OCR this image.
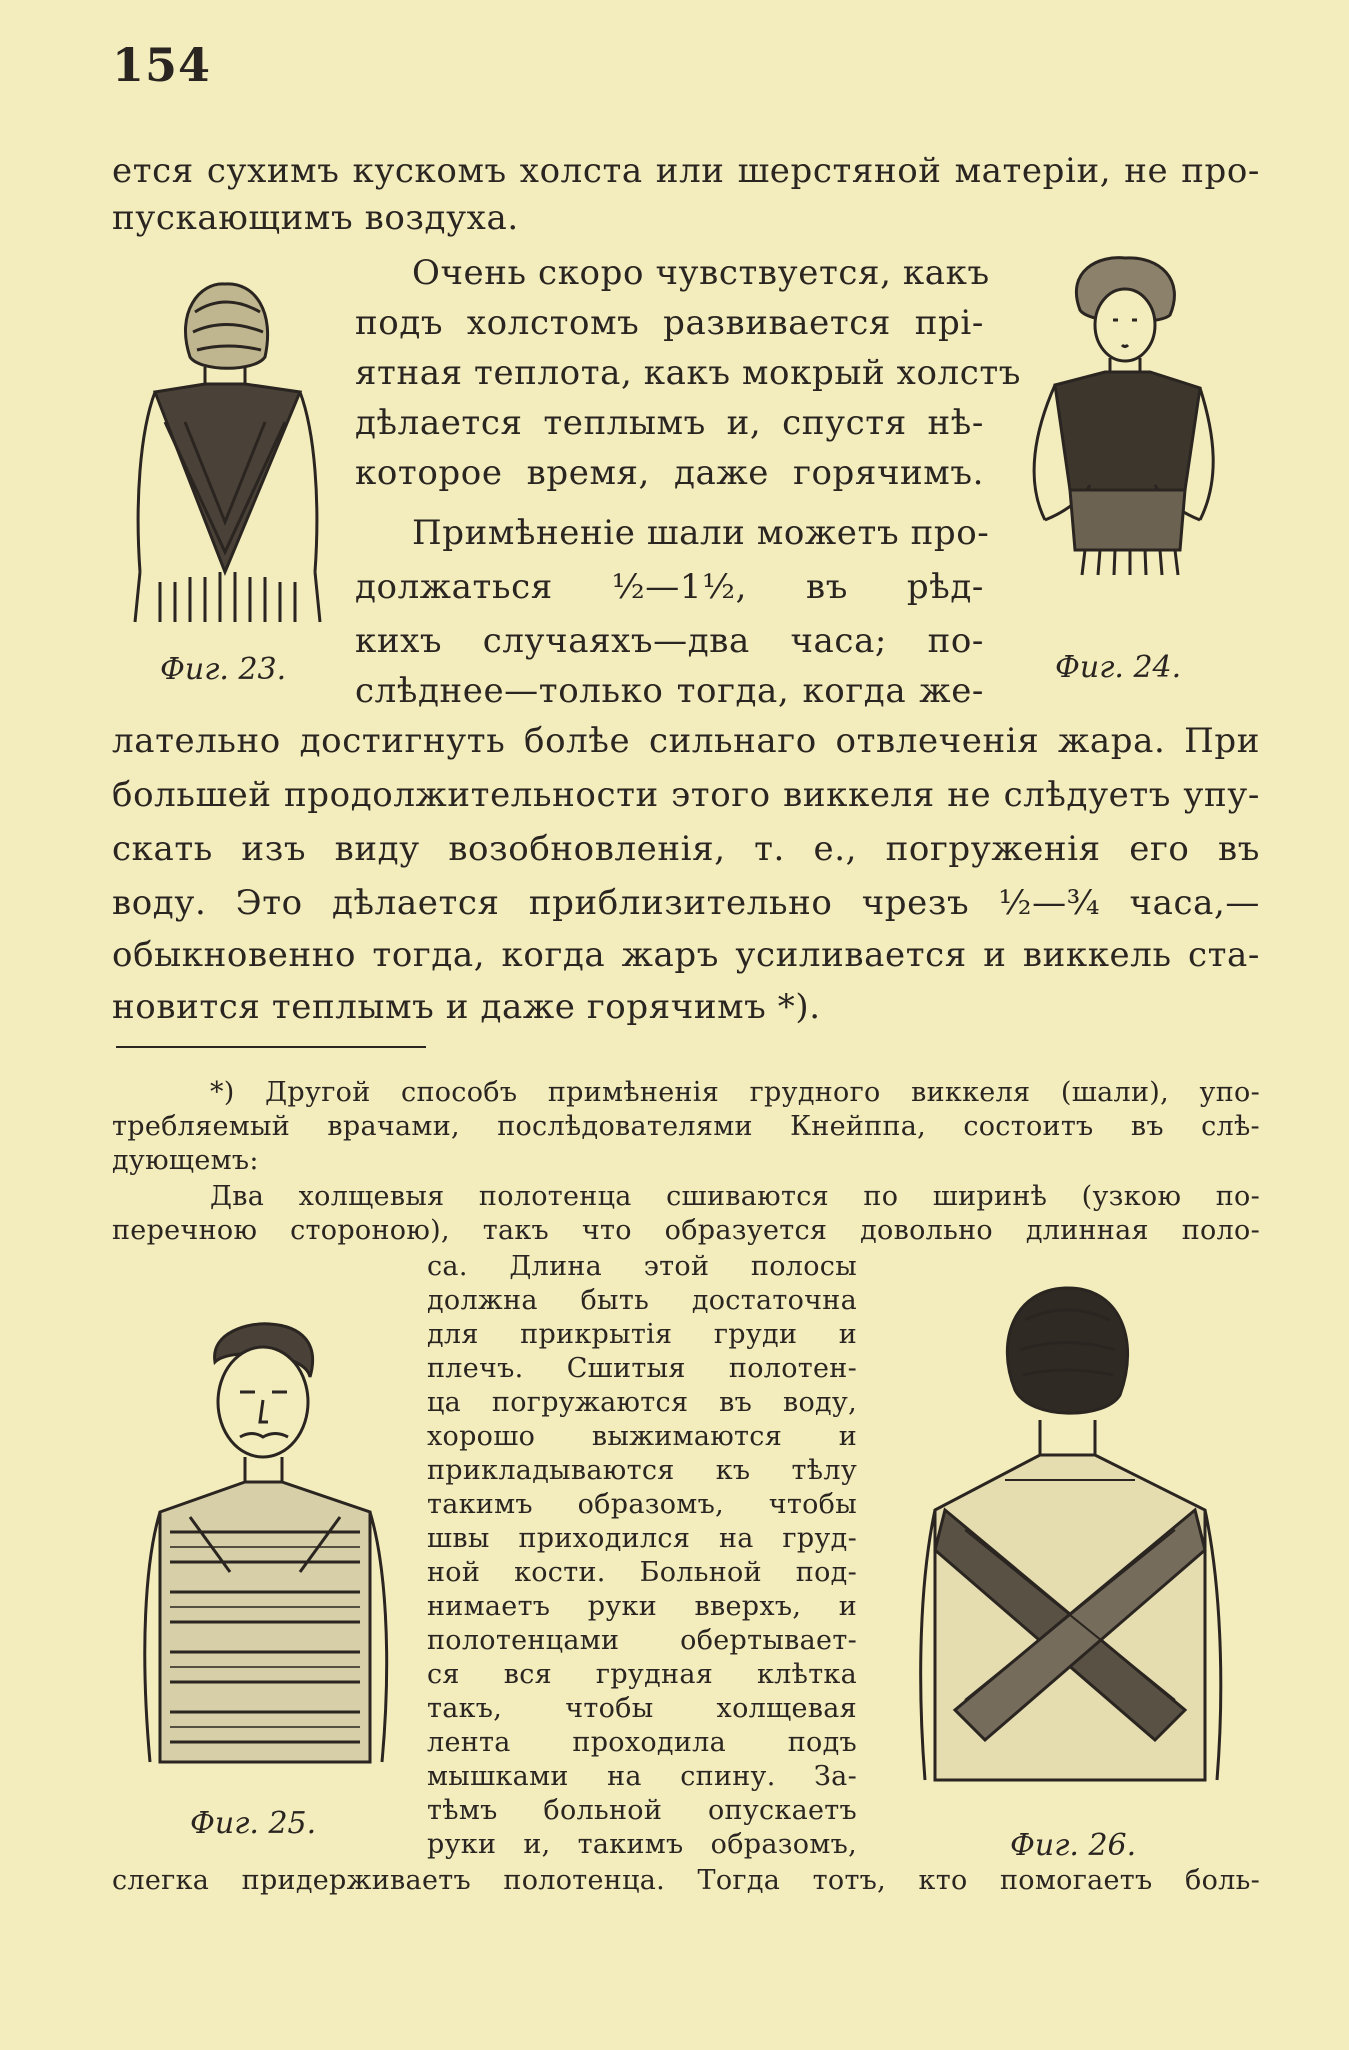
154
ется сухимъ кускомъ холста или шерстяной матеріи, не про-
пускающимъ воздуха.
Очень скоро чувствуется, какъ
подъ холстомъ развивается прі-
ятная теплота, какъ мокрый холстъ
дѣлается теплымъ и, спустя нѣ-
которое время, даже горячимъ.
Примѣненіе шали можетъ про-
должаться ½—1½, въ рѣд-
кихъ случаяхъ—два часа; по-
слѣднее—только тогда, когда же-
лательно достигнуть болѣе сильнаго отвлеченія жара. При
большей продолжительности этого виккеля не слѣдуетъ упу-
скать изъ виду возобновленія, т. е., погруженія его въ
воду. Это дѣлается приблизительно чрезъ ½—¾ часа,—
обыкновенно тогда, когда жаръ усиливается и виккель ста-
новится теплымъ и даже горячимъ *).
*) Другой способъ примѣненія грудного виккеля (шали), упо-
требляемый врачами, послѣдователями Кнейппа, состоитъ въ слѣ-
дующемъ:
Два холщевыя полотенца сшиваются по ширинѣ (узкою по-
перечною стороною), такъ что образуется довольно длинная поло-
са. Длина этой полосы
должна быть достаточна
для прикрытія груди и
плечъ. Сшитыя полотен-
ца погружаются въ воду,
хорошо выжимаются и
прикладываются къ тѣлу
такимъ образомъ, чтобы
швы приходился на груд-
ной кости. Больной под-
нимаетъ руки вверхъ, и
полотенцами обертывает-
ся вся грудная клѣтка
такъ, чтобы холщевая
лента проходила подъ
мышками на спину. За-
тѣмъ больной опускаетъ
руки и, такимъ образомъ,
слегка придерживаетъ полотенца. Тогда тотъ, кто помогаетъ боль-
Фиг. 23.	Фиг. 24.
Фиг. 25.
Фиг. 26.
